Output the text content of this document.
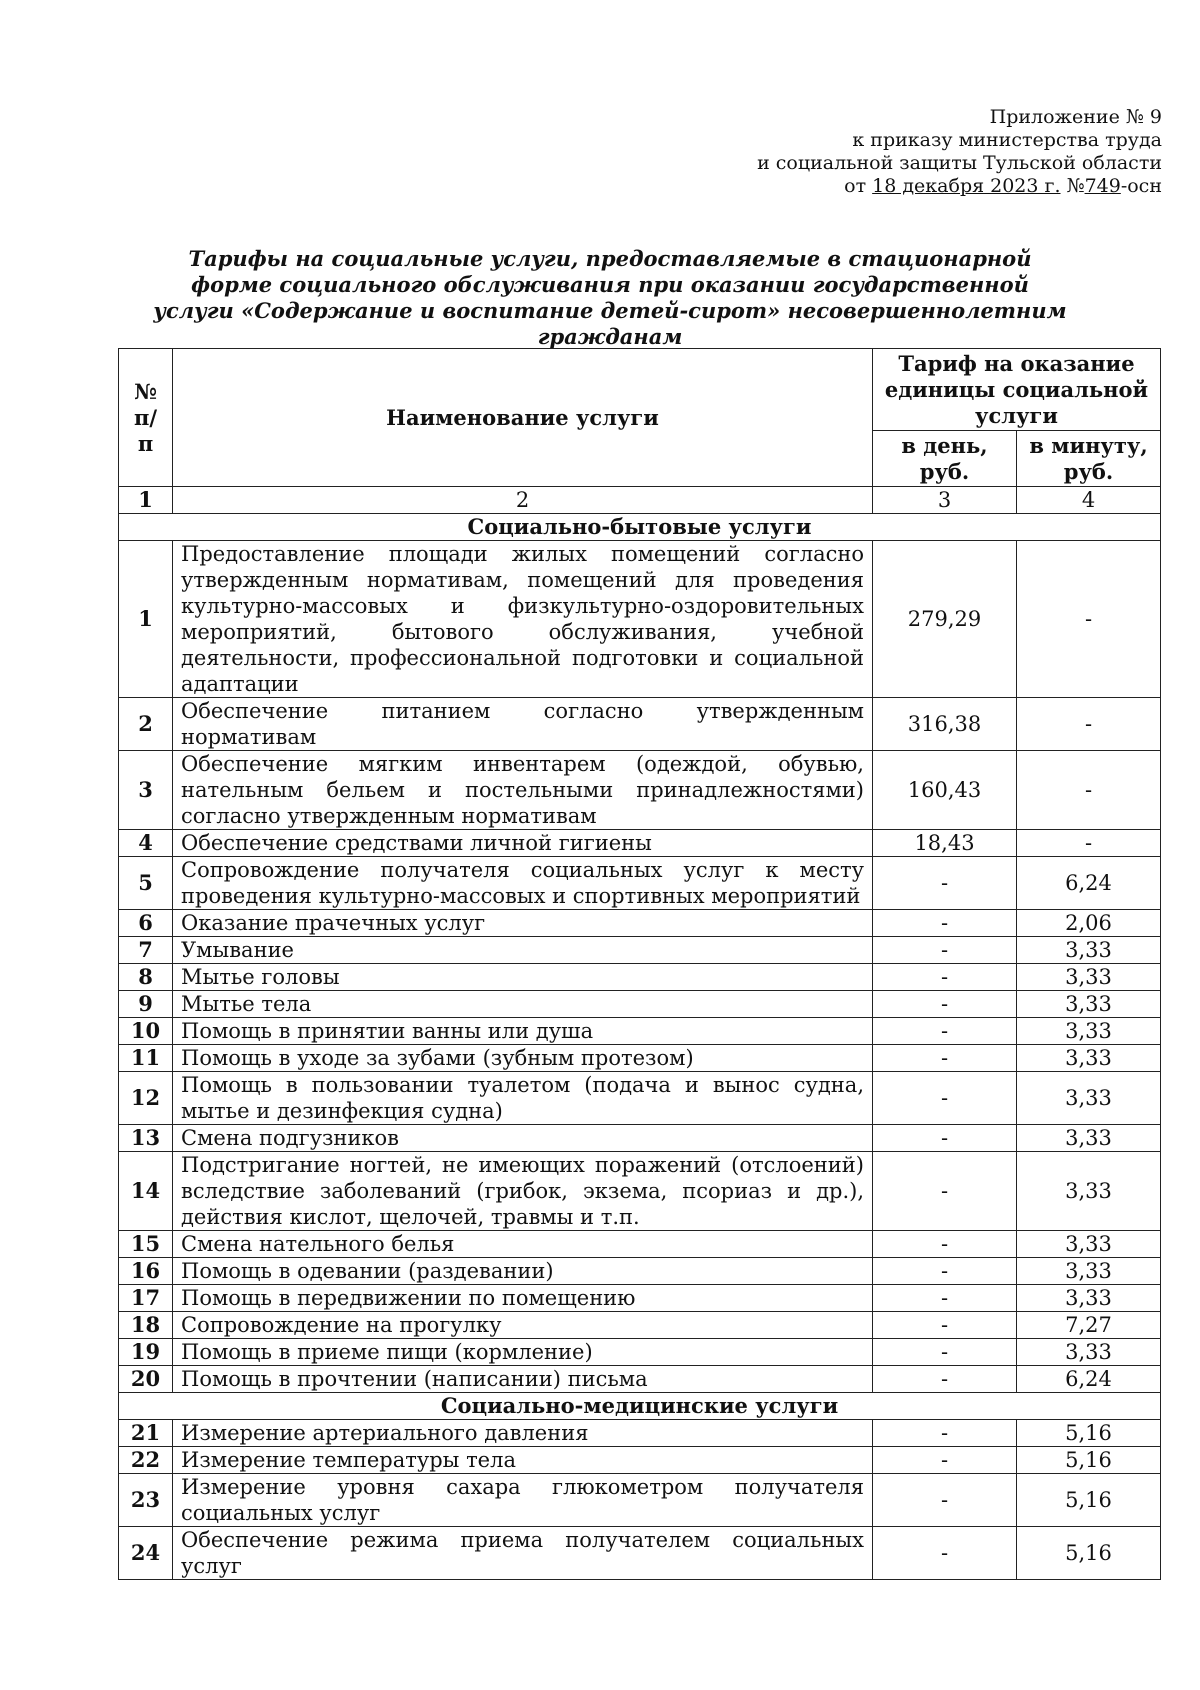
Приложение № 9
к приказу министерства труда
и социальной защиты Тульской области
от 18 декабря 2023 г. №749-осн
Тарифы на социальные услуги, предоставляемые в стационарной форме социального обслуживания при оказании государственной услуги «Содержание и воспитание детей-сирот» несовершеннолетним гражданам
№ п/п	Наименование услуги	Тариф на оказание единицы социальной услуги	
		в день, руб.	в минуту, руб.
1	2	3	4
Социально-бытовые услуги			
1	Предоставление площади жилых помещений согласно утвержденным нормативам, помещений для проведения культурно-массовых и физкультурно-оздоровительных мероприятий, бытового обслуживания, учебной деятельности, профессиональной подготовки и социальной адаптации	279,29	-
2	Обеспечение питанием согласно утвержденным нормативам	316,38	-
3	Обеспечение мягким инвентарем (одеждой, обувью, нательным бельем и постельными принадлежностями) согласно утвержденным нормативам	160,43	-
4	Обеспечение средствами личной гигиены	18,43	-
5	Сопровождение получателя социальных услуг к месту проведения культурно-массовых и спортивных мероприятий	-	6,24
6	Оказание прачечных услуг	-	2,06
7	Умывание	-	3,33
8	Мытье головы	-	3,33
9	Мытье тела	-	3,33
10	Помощь в принятии ванны или душа	-	3,33
11	Помощь в уходе за зубами (зубным протезом)	-	3,33
12	Помощь в пользовании туалетом (подача и вынос судна, мытье и дезинфекция судна)	-	3,33
13	Смена подгузников	-	3,33
14	Подстригание ногтей, не имеющих поражений (отслоений) вследствие заболеваний (грибок, экзема, псориаз и др.), действия кислот, щелочей, травмы и т.п.	-	3,33
15	Смена нательного белья	-	3,33
16	Помощь в одевании (раздевании)	-	3,33
17	Помощь в передвижении по помещению	-	3,33
18	Сопровождение на прогулку	-	7,27
19	Помощь в приеме пищи (кормление)	-	3,33
20	Помощь в прочтении (написании) письма	-	6,24
Социально-медицинские услуги			
21	Измерение артериального давления	-	5,16
22	Измерение температуры тела	-	5,16
23	Измерение уровня сахара глюкометром получателя социальных услуг	-	5,16
24	Обеспечение режима приема получателем социальных услуг	-	5,16
